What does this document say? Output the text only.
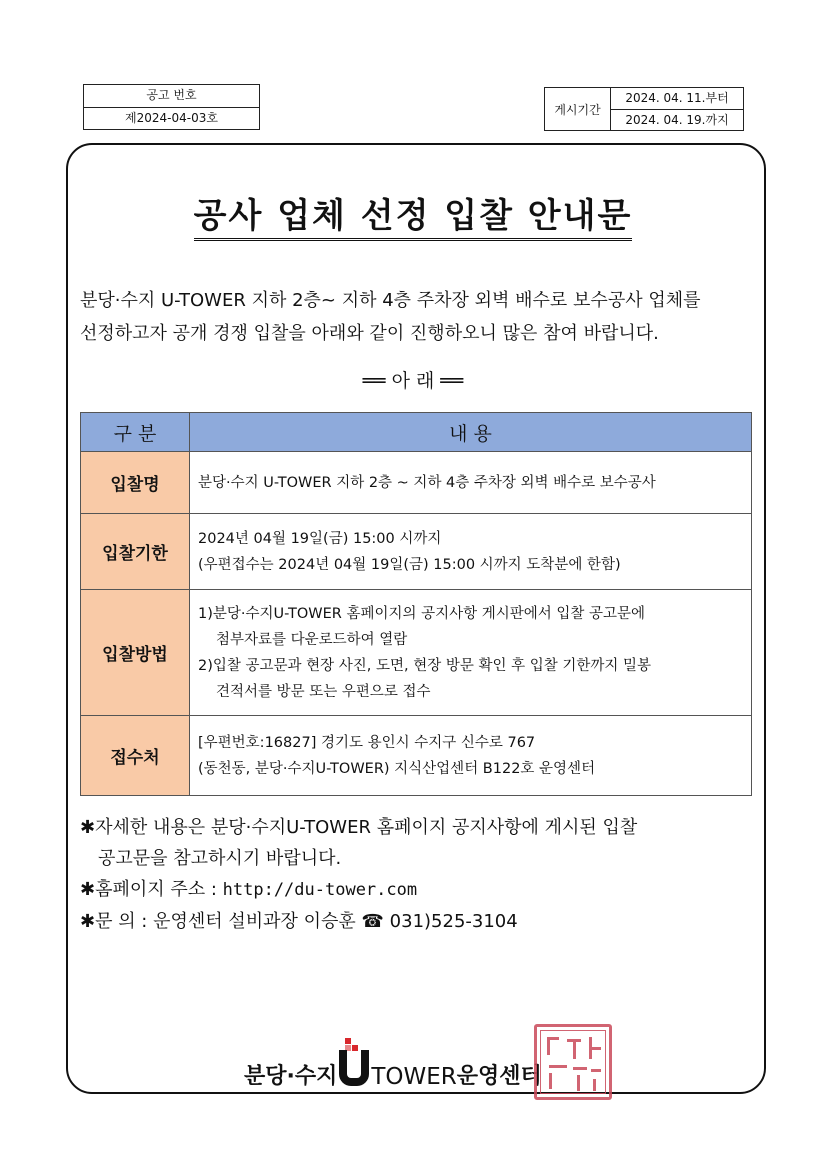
공고 번호
제2024-04-03호
게시기간
2024. 04. 11.부터
2024. 04. 19.까지
공사 업체 선정 입찰 안내문
분당·수지 U-TOWER 지하 2층~ 지하 4층 주차장 외벽 배수로 보수공사 업체를
선정하고자 공개 경쟁 입찰을 아래와 같이 진행하오니 많은 참여 바랍니다.
══ 아 래 ══
구 분	내 용
입찰명	분당·수지 U-TOWER 지하 2층 ~ 지하 4층 주차장 외벽 배수로 보수공사

입찰기한	2024년 04월 19일(금) 15:00 시까지
(우편접수는 2024년 04월 19일(금) 15:00 시까지 도착분에 한함)

입찰방법	1)분당·수지U-TOWER 홈페이지의 공지사항 게시판에서 입찰 공고문에
첨부자료를 다운로드하여 열람
2)입찰 공고문과 현장 사진, 도면, 현장 방문 확인 후 입찰 기한까지 밀봉
견적서를 방문 또는 우편으로 접수

접수처	[우편번호:16827] 경기도 용인시 수지구 신수로 767
(동천동, 분당·수지U-TOWER) 지식산업센터 B122호 운영센터
✱자세한 내용은 분당·수지U-TOWER 홈페이지 공지사항에 게시된 입찰
공고문을 참고하시기 바랍니다.
✱홈페이지 주소 : http://du-tower.com
✱문 의 : 운영센터 설비과장 이승훈 ☎ 031)525-3104
분당·수지 TOWER 운영센터
